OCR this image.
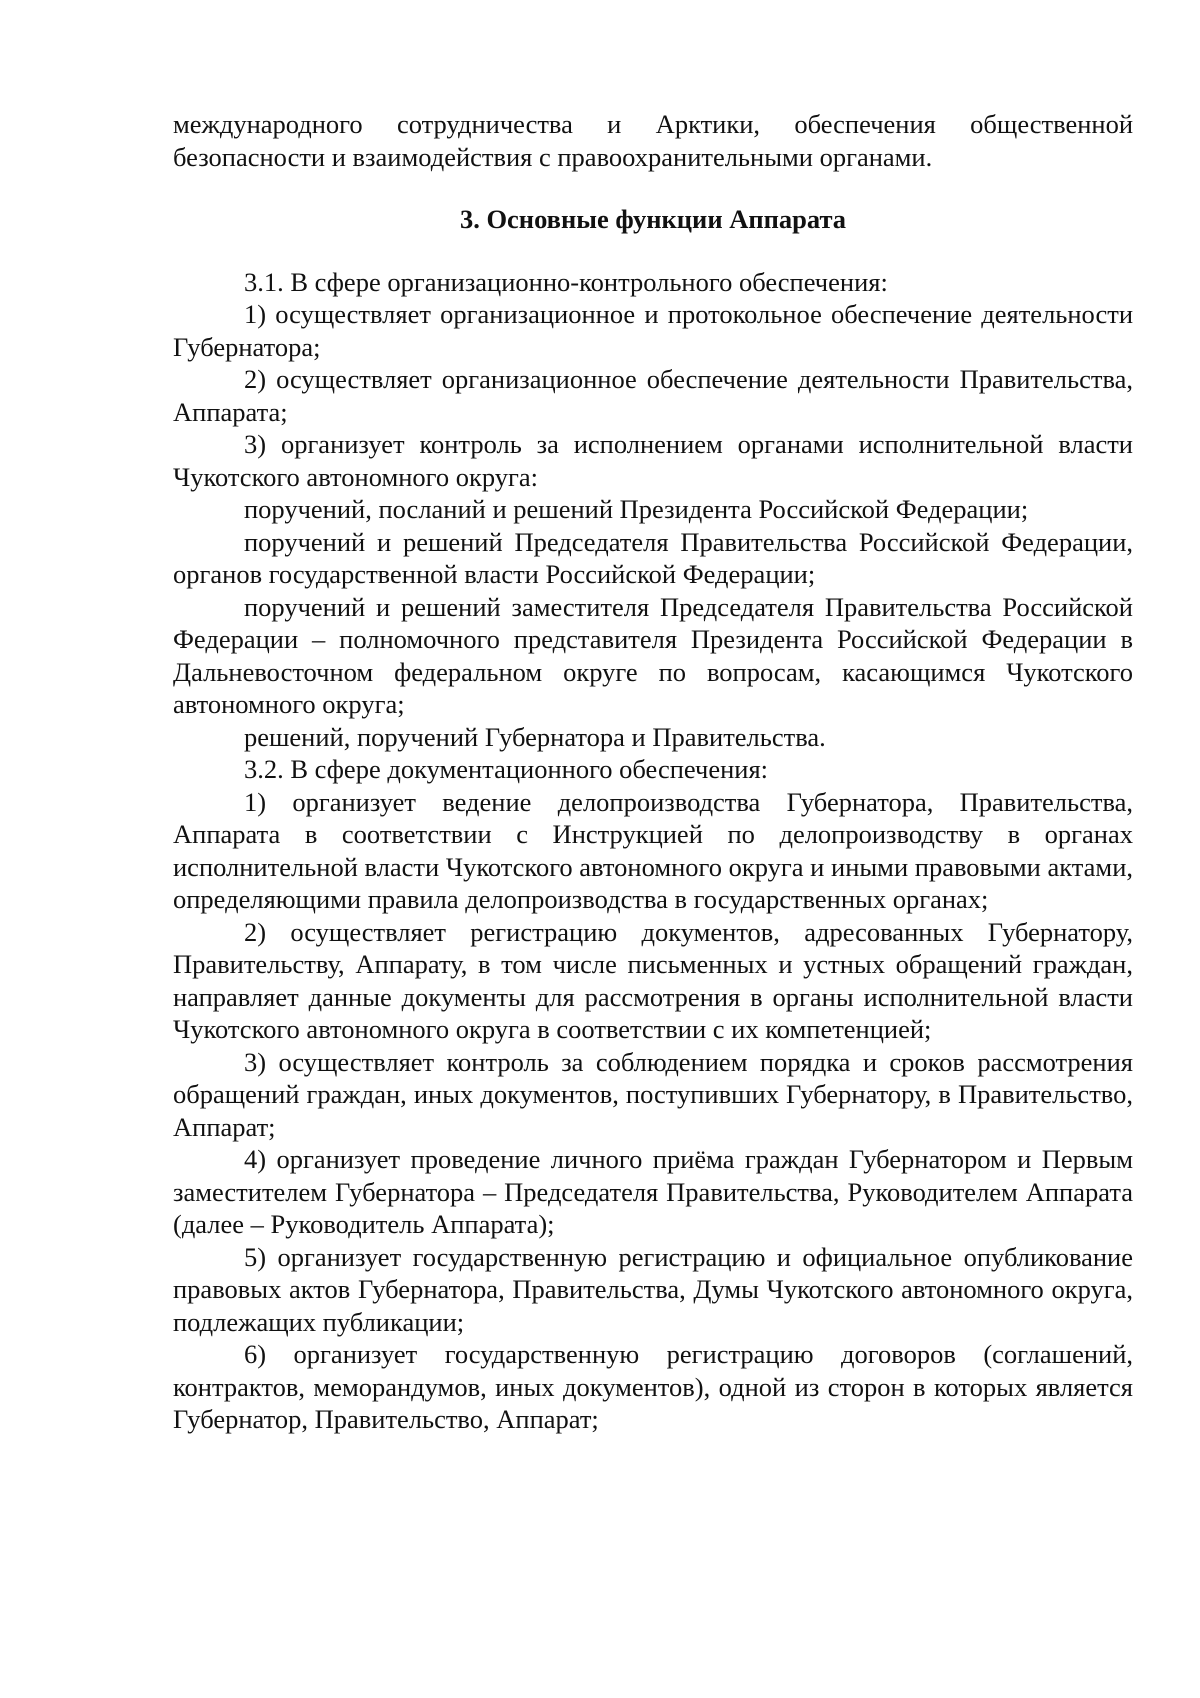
международного сотрудничества и Арктики, обеспечения общественной безопасности и взаимодействия с правоохранительными органами.

3. Основные функции Аппарата

3.1. В сфере организационно-контрольного обеспечения:

1) осуществляет организационное и протокольное обеспечение деятельности Губернатора;

2) осуществляет организационное обеспечение деятельности Правительства, Аппарата;

3) организует контроль за исполнением органами исполнительной власти Чукотского автономного округа:

поручений, посланий и решений Президента Российской Федерации;

поручений и решений Председателя Правительства Российской Федерации, органов государственной власти Российской Федерации;

поручений и решений заместителя Председателя Правительства Российской Федерации – полномочного представителя Президента Российской Федерации в Дальневосточном федеральном округе по вопросам, касающимся Чукотского автономного округа;

решений, поручений Губернатора и Правительства.

3.2. В сфере документационного обеспечения:

1) организует ведение делопроизводства Губернатора, Правительства, Аппарата в соответствии с Инструкцией по делопроизводству в органах исполнительной власти Чукотского автономного округа и иными правовыми актами, определяющими правила делопроизводства в государственных органах;

2) осуществляет регистрацию документов, адресованных Губернатору, Правительству, Аппарату, в том числе письменных и устных обращений граждан, направляет данные документы для рассмотрения в органы исполнительной власти Чукотского автономного округа в соответствии с их компетенцией;

3) осуществляет контроль за соблюдением порядка и сроков рассмотрения обращений граждан, иных документов, поступивших Губернатору, в Правительство, Аппарат;

4) организует проведение личного приёма граждан Губернатором и Первым заместителем Губернатора – Председателя Правительства, Руководителем Аппарата (далее – Руководитель Аппарата);

5) организует государственную регистрацию и официальное опубликование правовых актов Губернатора, Правительства, Думы Чукотского автономного округа, подлежащих публикации;

6) организует государственную регистрацию договоров (соглашений, контрактов, меморандумов, иных документов), одной из сторон в которых является Губернатор, Правительство, Аппарат;
